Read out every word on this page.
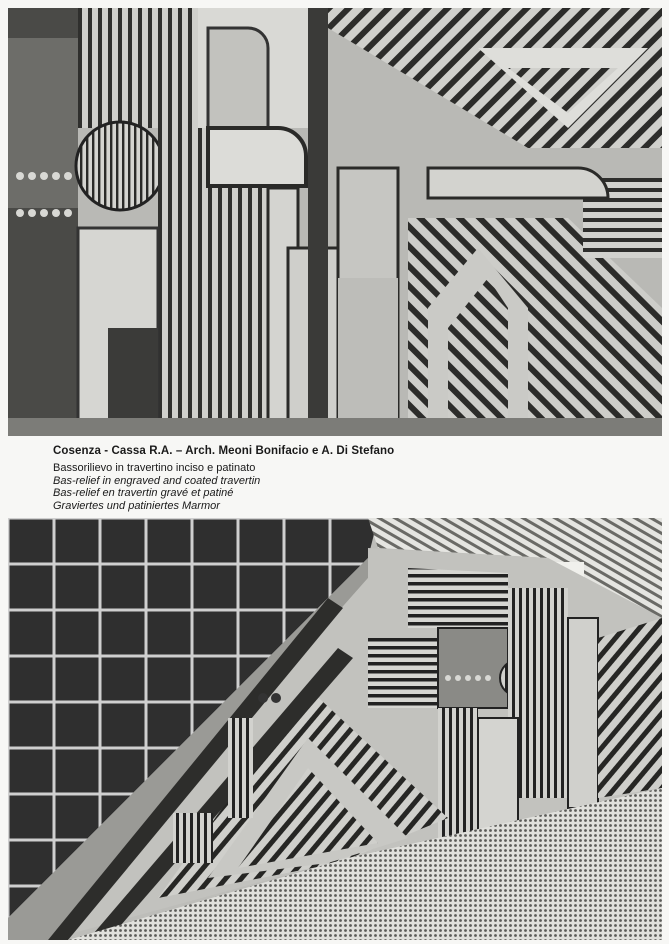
Cosenza - Cassa R.A. – Arch. Meoni Bonifacio e A. Di Stefano

Bassorilievo in travertino inciso e patinato

Bas-relief in engraved and coated travertin

Bas-relief en travertin gravé et patiné

Graviertes und patiniertes Marmor
